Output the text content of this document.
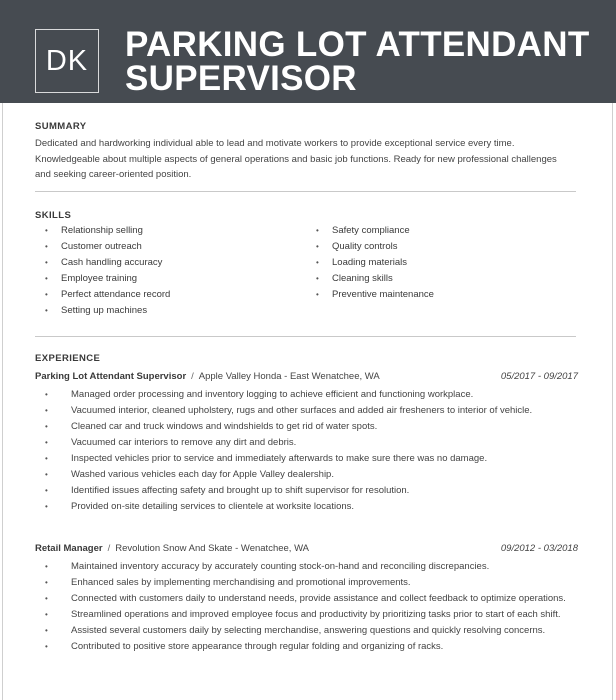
DK	PARKING LOT ATTENDANT
SUPERVISOR
SUMMARY
Dedicated and hardworking individual able to lead and motivate workers to provide exceptional service every time. Knowledgeable about multiple aspects of general operations and basic job functions. Ready for new professional challenges and seeking career-oriented position.
SKILLS
• Relationship selling
• Customer outreach
• Cash handling accuracy
• Employee training
• Perfect attendance record
• Setting up machines
• Safety compliance
• Quality controls
• Loading materials
• Cleaning skills
• Preventive maintenance
EXPERIENCE
Parking Lot Attendant Supervisor / Apple Valley Honda - East Wenatchee, WA	05/2017 - 09/2017
• Managed order processing and inventory logging to achieve efficient and functioning workplace.
• Vacuumed interior, cleaned upholstery, rugs and other surfaces and added air fresheners to interior of vehicle.
• Cleaned car and truck windows and windshields to get rid of water spots.
• Vacuumed car interiors to remove any dirt and debris.
• Inspected vehicles prior to service and immediately afterwards to make sure there was no damage.
• Washed various vehicles each day for Apple Valley dealership.
• Identified issues affecting safety and brought up to shift supervisor for resolution.
• Provided on-site detailing services to clientele at worksite locations.
Retail Manager / Revolution Snow And Skate - Wenatchee, WA	09/2012 - 03/2018
• Maintained inventory accuracy by accurately counting stock-on-hand and reconciling discrepancies.
• Enhanced sales by implementing merchandising and promotional improvements.
• Connected with customers daily to understand needs, provide assistance and collect feedback to optimize operations.
• Streamlined operations and improved employee focus and productivity by prioritizing tasks prior to start of each shift.
• Assisted several customers daily by selecting merchandise, answering questions and quickly resolving concerns.
• Contributed to positive store appearance through regular folding and organizing of racks.
